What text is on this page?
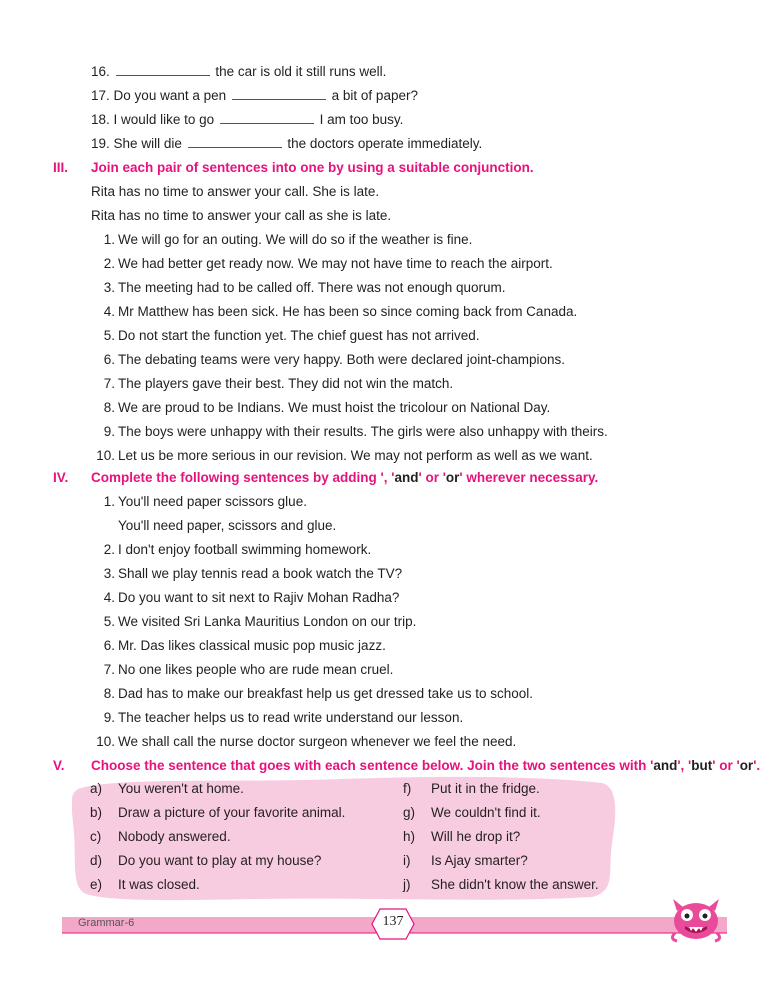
16.	the car is old it still runs well.
17. Do you want a pen	a bit of paper?
18. I would like to go	I am too busy.
19. She will die	the doctors operate immediately.
III.	Join each pair of sentences into one by using a suitable conjunction.
Rita has no time to answer your call. She is late.
Rita has no time to answer your call as she is late.
1. We will go for an outing. We will do so if the weather is fine.
2. We had better get ready now. We may not have time to reach the airport.
3. The meeting had to be called off. There was not enough quorum.
4. Mr Matthew has been sick. He has been so since coming back from Canada.
5. Do not start the function yet. The chief guest has not arrived.
6. The debating teams were very happy. Both were declared joint-champions.
7. The players gave their best. They did not win the match.
8. We are proud to be Indians. We must hoist the tricolour on National Day.
9. The boys were unhappy with their results. The girls were also unhappy with theirs.
10. Let us be more serious in our revision. We may not perform as well as we want.
IV.	Complete the following sentences by adding ', 'and' or 'or' wherever necessary.
1. You'll need paper scissors glue.
You'll need paper, scissors and glue.
2. I don't enjoy football swimming homework.
3. Shall we play tennis read a book watch the TV?
4. Do you want to sit next to Rajiv Mohan Radha?
5. We visited Sri Lanka Mauritius London on our trip.
6. Mr. Das likes classical music pop music jazz.
7. No one likes people who are rude mean cruel.
8. Dad has to make our breakfast help us get dressed take us to school.
9. The teacher helps us to read write understand our lesson.
10. We shall call the nurse doctor surgeon whenever we feel the need.
V.	Choose the sentence that goes with each sentence below. Join the two sentences with 'and', 'but' or 'or'.
a) You weren't at home.
b) Draw a picture of your favorite animal.
c) Nobody answered.
d) Do you want to play at my house?
e) It was closed.
f) Put it in the fridge.
g) We couldn't find it.
h) Will he drop it?
i) Is Ajay smarter?
j) She didn't know the answer.
Grammar-6	137
